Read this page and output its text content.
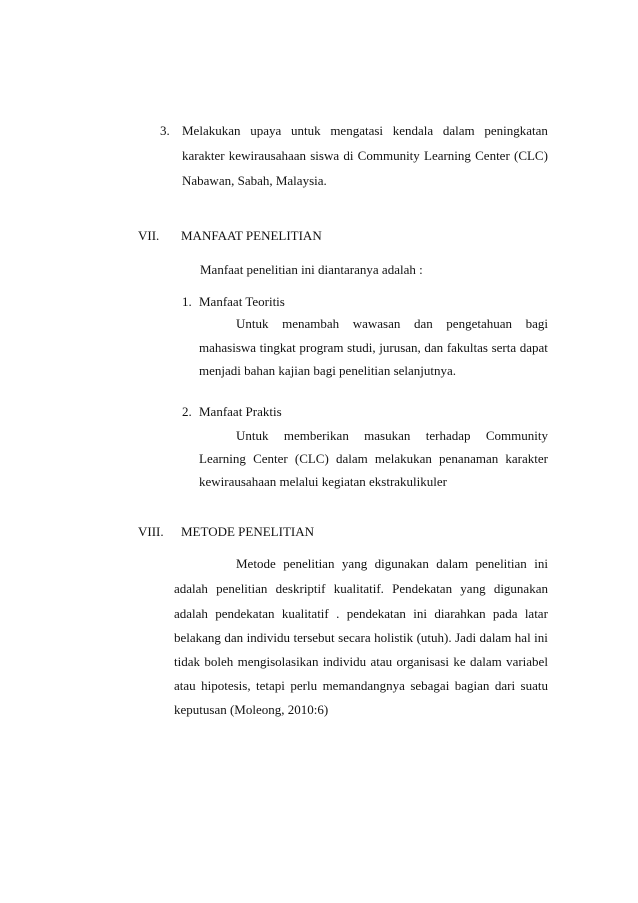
3. Melakukan upaya untuk mengatasi kendala dalam peningkatan
karakter kewirausahaan siswa di Community Learning Center (CLC)
Nabawan, Sabah, Malaysia.
VII. MANFAAT PENELITIAN
Manfaat penelitian ini diantaranya adalah :
1. Manfaat Teoritis
Untuk menambah wawasan dan pengetahuan bagi
mahasiswa tingkat program studi, jurusan, dan fakultas serta dapat
menjadi bahan kajian bagi penelitian selanjutnya.
2. Manfaat Praktis
Untuk memberikan masukan terhadap Community
Learning Center (CLC) dalam melakukan penanaman karakter
kewirausahaan melalui kegiatan ekstrakulikuler
VIII. METODE PENELITIAN
Metode penelitian yang digunakan dalam penelitian ini
adalah penelitian deskriptif kualitatif. Pendekatan yang digunakan
adalah pendekatan kualitatif . pendekatan ini diarahkan pada latar
belakang dan individu tersebut secara holistik (utuh). Jadi dalam hal ini
tidak boleh mengisolasikan individu atau organisasi ke dalam variabel
atau hipotesis, tetapi perlu memandangnya sebagai bagian dari suatu
keputusan (Moleong, 2010:6)
